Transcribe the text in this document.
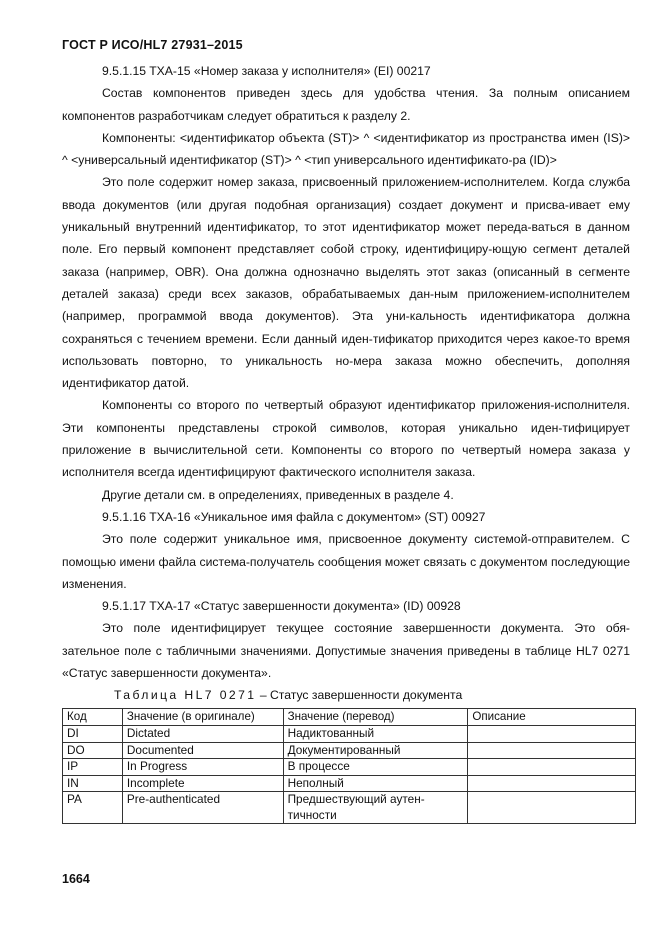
ГОСТ Р ИСО/HL7 27931–2015

9.5.1.15 TXA-15 «Номер заказа у исполнителя» (EI) 00217

Состав компонентов приведен здесь для удобства чтения. За полным описанием компонентов разработчикам следует обратиться к разделу 2.

Компоненты: <идентификатор объекта (ST)> ^ <идентификатор из пространства имен (IS)> ^ <универсальный идентификатор (ST)> ^ <тип универсального идентификато-ра (ID)>

Это поле содержит номер заказа, присвоенный приложением-исполнителем. Когда служба ввода документов (или другая подобная организация) создает документ и присва-ивает ему уникальный внутренний идентификатор, то этот идентификатор может переда-ваться в данном поле. Его первый компонент представляет собой строку, идентифициру-ющую сегмент деталей заказа (например, OBR). Она должна однозначно выделять этот заказ (описанный в сегменте деталей заказа) среди всех заказов, обрабатываемых дан-ным приложением-исполнителем (например, программой ввода документов). Эта уни-кальность идентификатора должна сохраняться с течением времени. Если данный иден-тификатор приходится через какое-то время использовать повторно, то уникальность но-мера заказа можно обеспечить, дополняя идентификатор датой.

Компоненты со второго по четвертый образуют идентификатор приложения-исполнителя. Эти компоненты представлены строкой символов, которая уникально иден-тифицирует приложение в вычислительной сети. Компоненты со второго по четвертый номера заказа у исполнителя всегда идентифицируют фактического исполнителя заказа.

Другие детали см. в определениях, приведенных в разделе 4.

9.5.1.16 TXA-16 «Уникальное имя файла с документом» (ST) 00927

Это поле содержит уникальное имя, присвоенное документу системой-отправителем. С помощью имени файла система-получатель сообщения может связать с документом последующие изменения.

9.5.1.17 TXA-17 «Статус завершенности документа» (ID) 00928

Это поле идентифицирует текущее состояние завершенности документа. Это обя-зательное поле с табличными значениями. Допустимые значения приведены в таблице HL7 0271 «Статус завершенности документа».

Таблица HL7 0271 – Статус завершенности документа
Код	Значение (в оригинале)	Значение (перевод)	Описание
DI	Dictated	Надиктованный	
DO	Documented	Документированный	
IP	In Progress	В процессе	
IN	Incomplete	Неполный	
PA	Pre-authenticated	Предшествующий аутен-тичности	
1664
